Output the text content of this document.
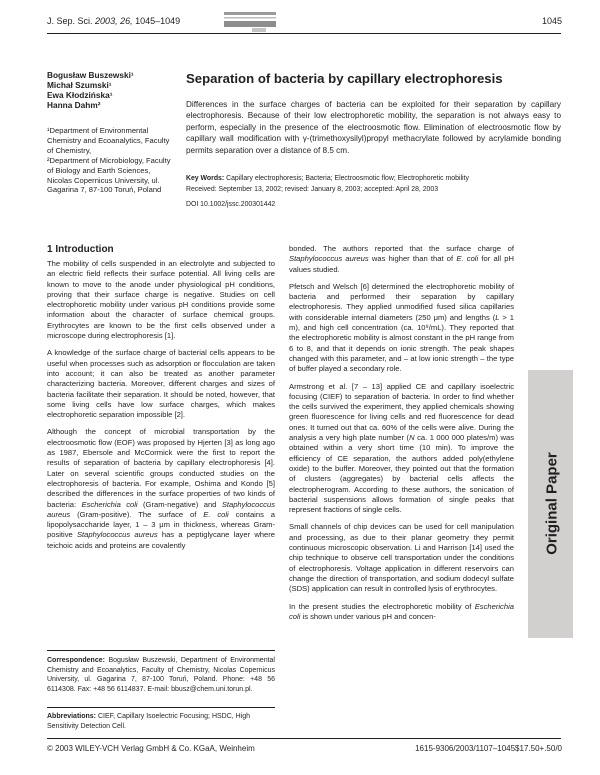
J. Sep. Sci. 2003, 26, 1045–1049	1045
Bogusław Buszewski¹
Michał Szumski¹
Ewa Kłodzińska¹
Hanna Dahm²
¹Department of Environmental Chemistry and Ecoanalytics, Faculty of Chemistry,
²Department of Microbiology, Faculty of Biology and Earth Sciences, Nicolas Copernicus University, ul. Gagarina 7, 87-100 Toruń, Poland
Separation of bacteria by capillary electrophoresis
Differences in the surface charges of bacteria can be exploited for their separation by capillary electrophoresis. Because of their low electrophoretic mobility, the separation is not always easy to perform, especially in the presence of the electroosmotic flow. Elimination of electroosmotic flow by capillary wall modification with γ-(trimethoxysilyl)propyl methacrylate followed by acrylamide bonding permits separation over a distance of 8.5 cm.
Key Words: Capillary electrophoresis; Bacteria; Electroosmotic flow; Electrophoretic mobility
Received: September 13, 2002; revised: January 8, 2003; accepted: April 28, 2003
DOI 10.1002/jssc.200301442
1 Introduction

The mobility of cells suspended in an electrolyte and subjected to an electric field reflects their surface potential. All living cells are known to move to the anode under physiological pH conditions, proving that their surface charge is negative. Studies on cell electrophoretic mobility under various pH conditions provide some information about the character of surface chemical groups. Erythrocytes are known to be the first cells observed under a microscope during electrophoresis [1].

A knowledge of the surface charge of bacterial cells appears to be useful when processes such as adsorption or flocculation are taken into account; it can also be treated as another parameter characterizing bacteria. Moreover, different charges and sizes of bacteria facilitate their separation. It should be noted, however, that some living cells have low surface charges, which makes electrophoretic separation impossible [2].

Although the concept of microbial transportation by the electroosmotic flow (EOF) was proposed by Hjerten [3] as long ago as 1987, Ebersole and McCormick were the first to report the results of separation of bacteria by capillary electrophoresis [4]. Later on several scientific groups conducted studies on the electrophoresis of bacteria. For example, Oshima and Kondo [5] described the differences in the surface properties of two kinds of bacteria: Escherichia coli (Gram-negative) and Staphylococcus aureus (Gram-positive). The surface of E. coli contains a lipopolysaccharide layer, 1 – 3 μm in thickness, whereas Gram-positive Staphylococcus aureus has a peptiglycane layer where teichoic acids and proteins are covalently

Correspondence: Bogusław Buszewski, Department of Environmental Chemistry and Ecoanalytics, Faculty of Chemistry, Nicolas Copernicus University, ul. Gagarina 7, 87-100 Toruń, Poland. Phone: +48 56 6114308. Fax: +48 56 6114837. E-mail: bbusz@chem.uni.torun.pl.
Abbreviations: CIEF, Capillary Isoelectric Focusing; HSDC, High Sensitivity Detection Cell.

bonded. The authors reported that the surface charge of Staphylococcus aureus was higher than that of E. coli for all pH values studied.

Pfetsch and Welsch [6] determined the electrophoretic mobility of bacteria and performed their separation by capillary electrophoresis. They applied unmodified fused silica capillaries with considerable internal diameters (250 μm) and lengths (L > 1 m), and high cell concentration (ca. 10⁹/mL). They reported that the electrophoretic mobility is almost constant in the pH range from 6 to 8, and that it depends on ionic strength. The peak shapes changed with this parameter, and – at low ionic strength – the type of buffer played a secondary role.

Armstrong et al. [7 – 13] applied CE and capillary isoelectric focusing (CIEF) to separation of bacteria. In order to find whether the cells survived the experiment, they applied chemicals showing green fluorescence for living cells and red fluorescence for dead ones. It turned out that ca. 60% of the cells were alive. During the analysis a very high plate number (N ca. 1 000 000 plates/m) was obtained within a very short time (10 min). To improve the efficiency of CE separation, the authors added poly(ethylene oxide) to the buffer. Moreover, they pointed out that the formation of clusters (aggregates) by bacterial cells affects the electropherogram. According to these authors, the sonication of bacterial suspensions allows formation of single peaks that represent fractions of single cells.

Small channels of chip devices can be used for cell manipulation and processing, as due to their planar geometry they permit continuous microscopic observation. Li and Harrison [14] used the chip technique to observe cell transportation under the conditions of electrophoresis. Voltage application in different reservoirs can change the direction of transportation, and sodium dodecyl sulfate (SDS) application can result in controlled lysis of erythrocytes.

In the present studies the electrophoretic mobility of Escherichia coli is shown under various pH and concen-

Original Paper
© 2003 WILEY-VCH Verlag GmbH & Co. KGaA, Weinheim	1615-9306/2003/1107–1045$17.50+.50/0
